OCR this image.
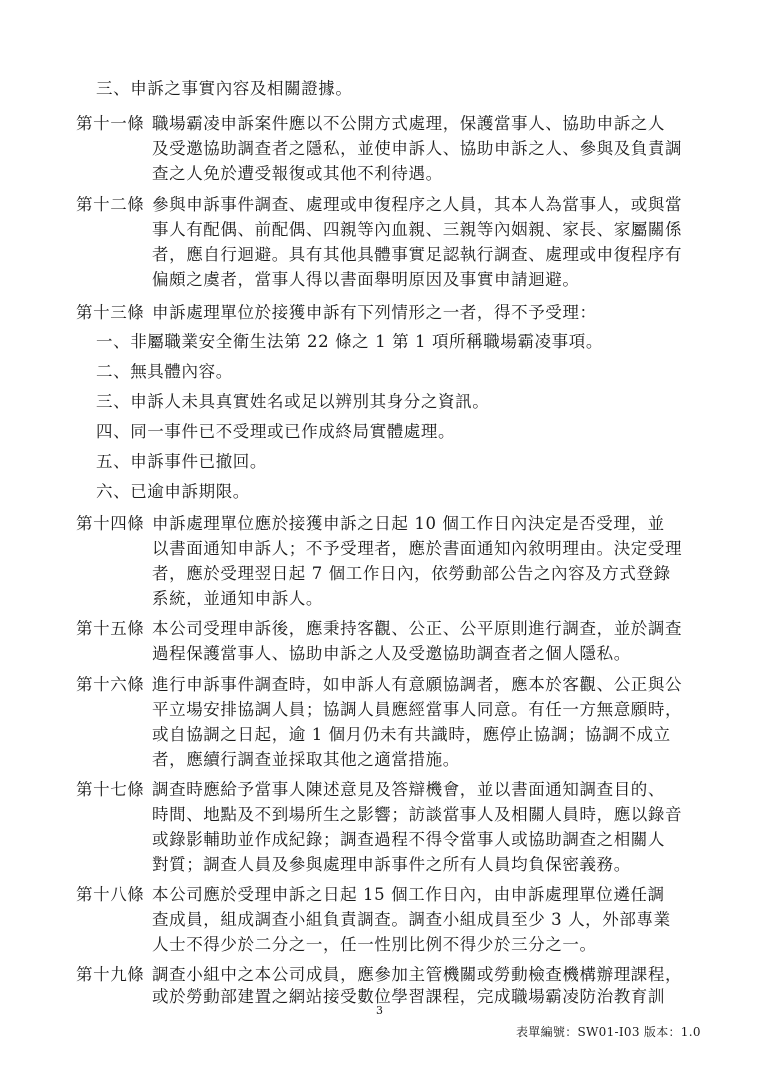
三、申訴之事實內容及相關證據。
第十一條 職場霸凌申訴案件應以不公開方式處理，保護當事人、協助申訴之人
及受邀協助調查者之隱私，並使申訴人、協助申訴之人、參與及負責調
查之人免於遭受報復或其他不利待遇。
第十二條 參與申訴事件調查、處理或申復程序之人員，其本人為當事人，或與當
事人有配偶、前配偶、四親等內血親、三親等內姻親、家長、家屬關係
者，應自行迴避。具有其他具體事實足認執行調查、處理或申復程序有
偏頗之虞者，當事人得以書面舉明原因及事實申請迴避。
第十三條 申訴處理單位於接獲申訴有下列情形之一者，得不予受理：
一、非屬職業安全衛生法第 22 條之 1 第 1 項所稱職場霸凌事項。
二、無具體內容。
三、申訴人未具真實姓名或足以辨別其身分之資訊。
四、同一事件已不受理或已作成終局實體處理。
五、申訴事件已撤回。
六、已逾申訴期限。
第十四條 申訴處理單位應於接獲申訴之日起 10 個工作日內決定是否受理，並
以書面通知申訴人；不予受理者，應於書面通知內敘明理由。決定受理
者，應於受理翌日起 7 個工作日內，依勞動部公告之內容及方式登錄
系統，並通知申訴人。
第十五條 本公司受理申訴後，應秉持客觀、公正、公平原則進行調查，並於調查
過程保護當事人、協助申訴之人及受邀協助調查者之個人隱私。
第十六條 進行申訴事件調查時，如申訴人有意願協調者，應本於客觀、公正與公
平立場安排協調人員；協調人員應經當事人同意。有任一方無意願時，
或自協調之日起，逾 1 個月仍未有共識時，應停止協調；協調不成立
者，應續行調查並採取其他之適當措施。
第十七條 調查時應給予當事人陳述意見及答辯機會，並以書面通知調查目的、
時間、地點及不到場所生之影響；訪談當事人及相關人員時，應以錄音
或錄影輔助並作成紀錄；調查過程不得令當事人或協助調查之相關人
對質；調查人員及參與處理申訴事件之所有人員均負保密義務。
第十八條 本公司應於受理申訴之日起 15 個工作日內，由申訴處理單位遴任調
查成員，組成調查小組負責調查。調查小組成員至少 3 人，外部專業
人士不得少於二分之一，任一性別比例不得少於三分之一。
第十九條 調查小組中之本公司成員，應參加主管機關或勞動檢查機構辦理課程，
或於勞動部建置之網站接受數位學習課程，完成職場霸凌防治教育訓
3
表單編號：SW01-I03 版本：1.0
